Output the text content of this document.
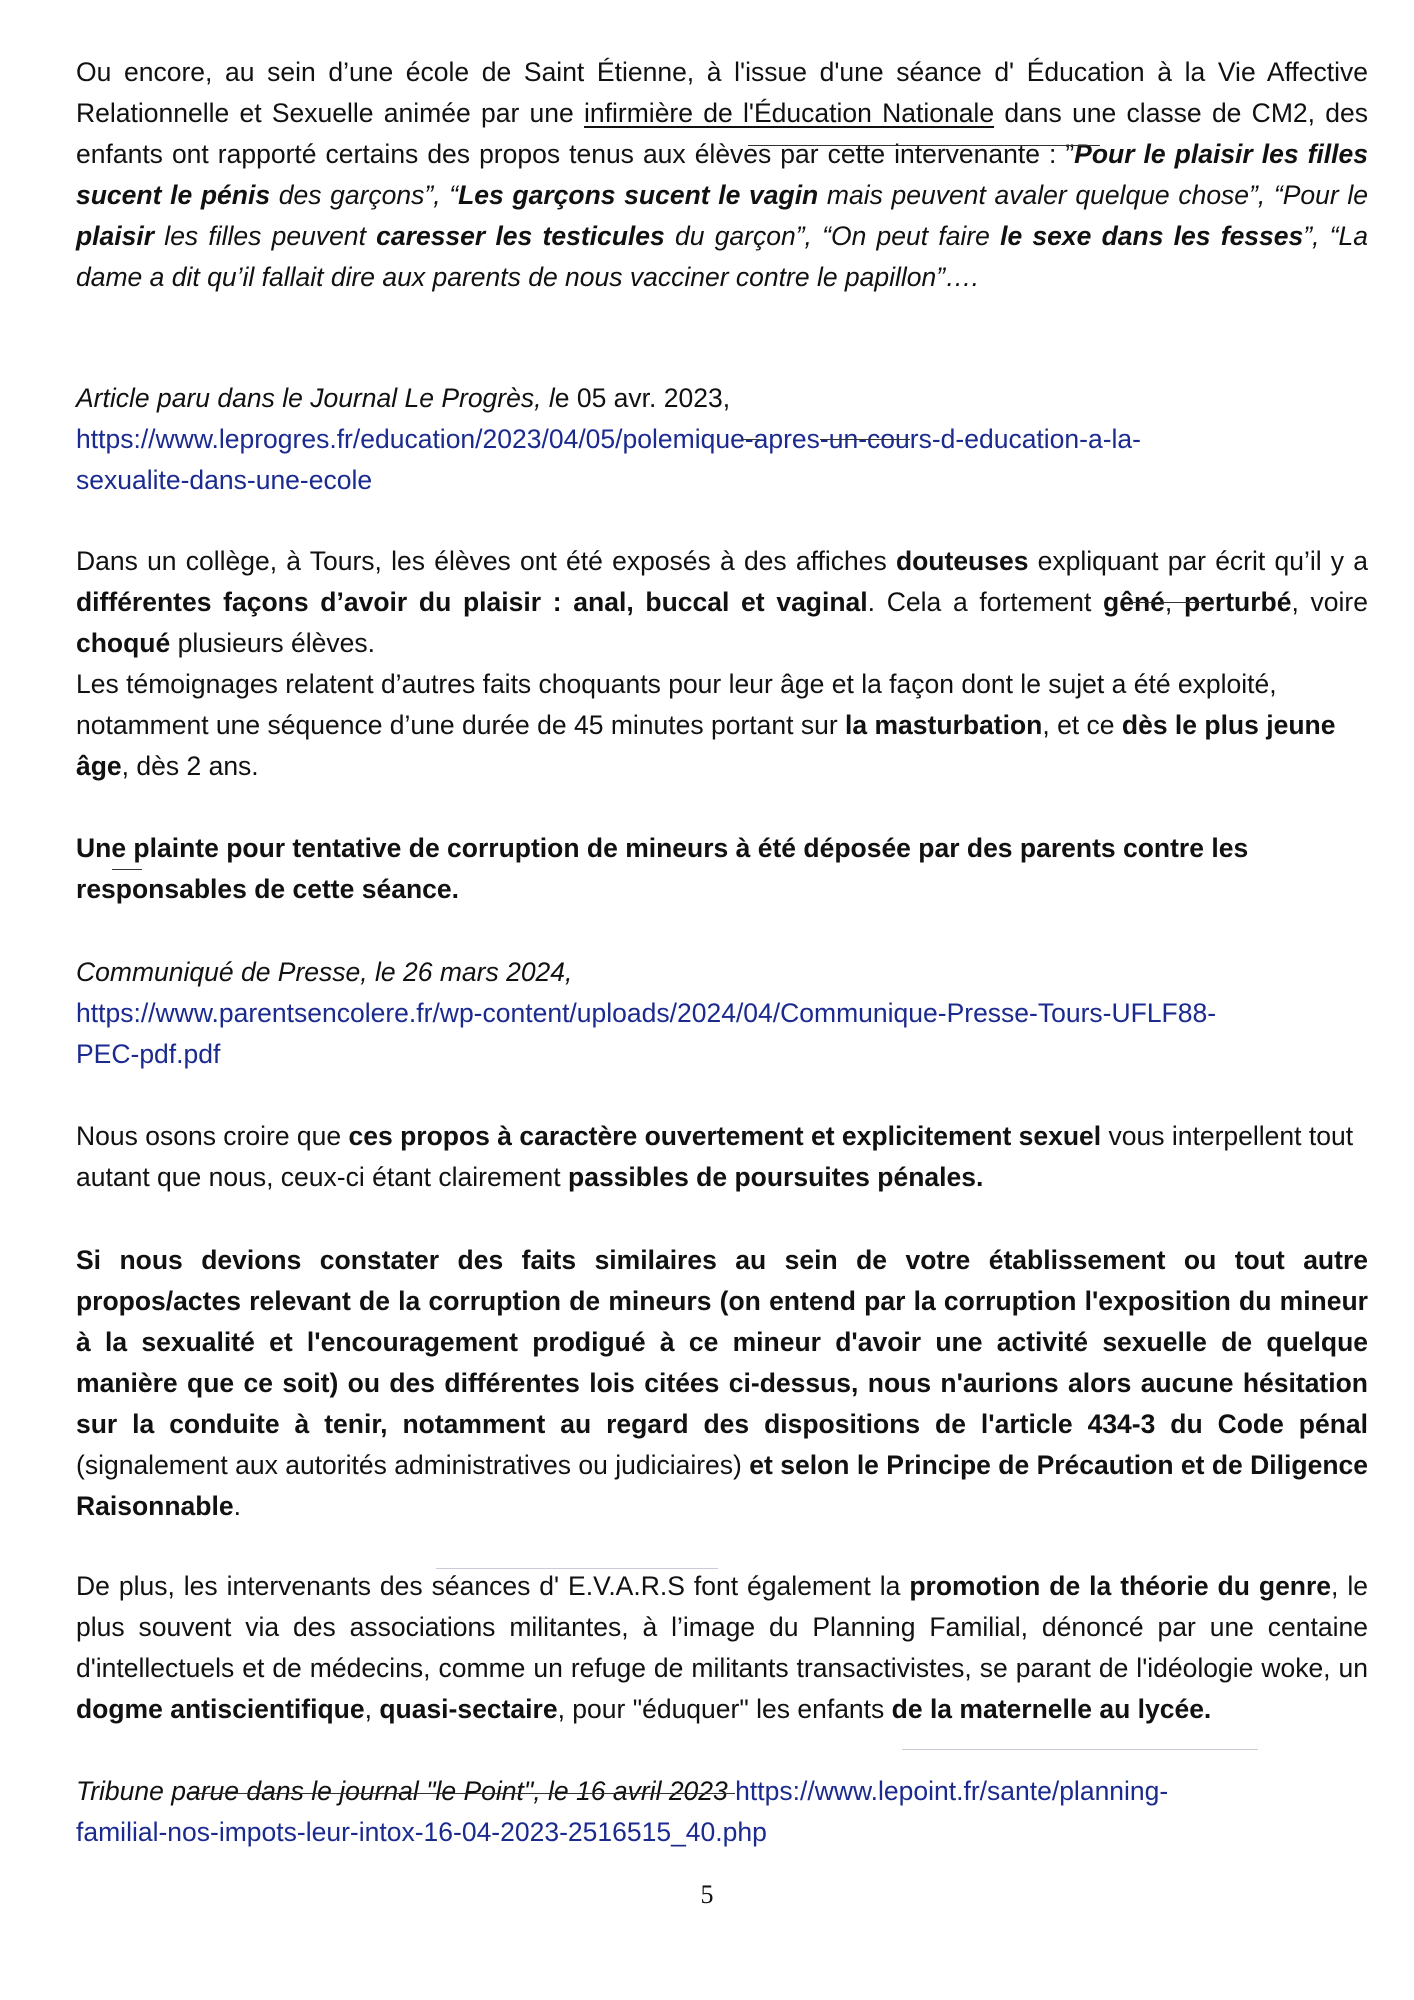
Ou encore, au sein d’une école de Saint Étienne, à l'issue d'une séance d' Éducation à la Vie Affective Relationnelle et Sexuelle animée par une infirmière de l'Éducation Nationale dans une classe de CM2, des enfants ont rapporté certains des propos tenus aux élèves par cette intervenante : ”Pour le plaisir les filles sucent le pénis des garçons”, “Les garçons sucent le vagin mais peuvent avaler quelque chose”, “Pour le plaisir les filles peuvent caresser les testicules du garçon”, “On peut faire le sexe dans les fesses”, “La dame a dit qu’il fallait dire aux parents de nous vacciner contre le papillon”….

Article paru dans le Journal Le Progrès, le 05 avr. 2023,
https://www.leprogres.fr/education/2023/04/05/polemique-apres-un-cours-d-education-a-la-
sexualite-dans-une-ecole
Dans un collège, à Tours, les élèves ont été exposés à des affiches douteuses expliquant par écrit qu’il y a différentes façons d’avoir du plaisir : anal, buccal et vaginal. Cela a fortement gêné, perturbé, voire choqué plusieurs élèves.
Les témoignages relatent d’autres faits choquants pour leur âge et la façon dont le sujet a été exploité, notamment une séquence d’une durée de 45 minutes portant sur la masturbation, et ce dès le plus jeune âge, dès 2 ans.

Une plainte pour tentative de corruption de mineurs à été déposée par des parents contre les responsables de cette séance.

Communiqué de Presse, le 26 mars 2024,
https://www.parentsencolere.fr/wp-content/uploads/2024/04/Communique-Presse-Tours-UFLF88-
PEC-pdf.pdf

Nous osons croire que ces propos à caractère ouvertement et explicitement sexuel vous interpellent tout autant que nous, ceux-ci étant clairement passibles de poursuites pénales.

Si nous devions constater des faits similaires au sein de votre établissement ou tout autre propos/actes relevant de la corruption de mineurs (on entend par la corruption l'exposition du mineur à la sexualité et l'encouragement prodigué à ce mineur d'avoir une activité sexuelle de quelque manière que ce soit) ou des différentes lois citées ci-dessus, nous n'aurions alors aucune hésitation sur la conduite à tenir, notamment au regard des dispositions de l'article 434-3 du Code pénal (signalement aux autorités administratives ou judiciaires) et selon le Principe de Précaution et de Diligence Raisonnable.

De plus, les intervenants des séances d' E.V.A.R.S font également la promotion de la théorie du genre, le plus souvent via des associations militantes, à l’image du Planning Familial, dénoncé par une centaine d'intellectuels et de médecins, comme un refuge de militants transactivistes, se parant de l'idéologie woke, un dogme antiscientifique, quasi-sectaire, pour "éduquer" les enfants de la maternelle au lycée.

Tribune parue dans le journal "le Point", le 16 avril 2023 https://www.lepoint.fr/sante/planning-
familial-nos-impots-leur-intox-16-04-2023-2516515_40.php
5
